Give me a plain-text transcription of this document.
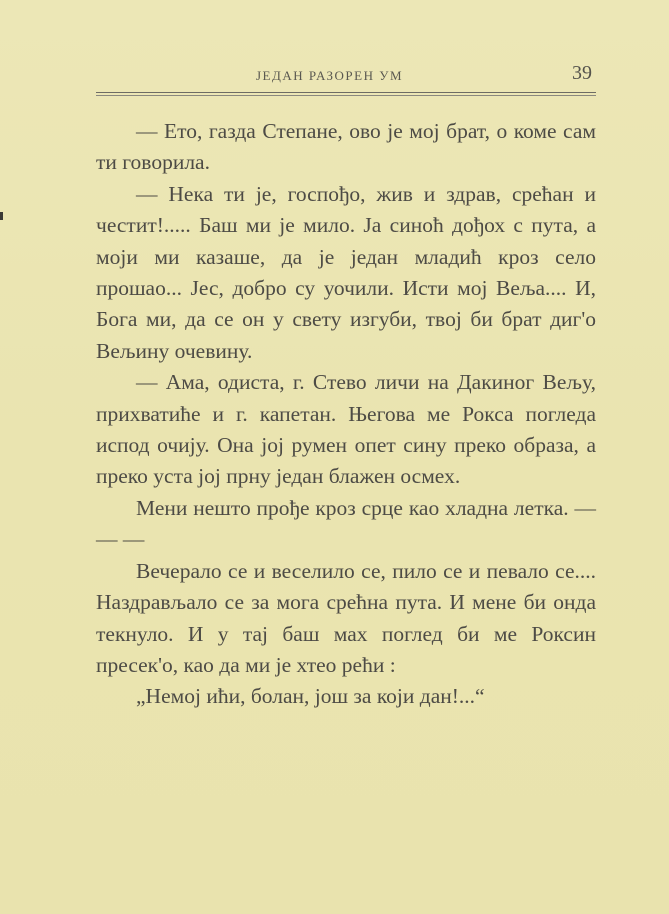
ЈЕДАН РАЗОРЕН УМ	39

— Ето, газда Степане, ово је мој брат, о коме сам ти говорила.

— Нека ти је, госпођо, жив и здрав, срећан и честит!..... Баш ми је мило. Ја синоћ дођох с пута, а моји ми казаше, да је један младић кроз село прошао... Јес, добро су уочили. Исти мој Веља.... И, Бога ми, да се он у свету изгуби, твој би брат диг'о Вељину очевину.

— Ама, одиста, г. Стево личи на Дакиног Вељу, прихватиће и г. капетан. Његова ме Рокса погледа испод очију. Она јој румен опет сину преко образа, а преко уста јој прну један блажен осмех.

Мени нешто прође кроз срце као хладна летка. — — —

Вечерало се и веселило се, пило се и певало се.... Наздрављало се за мога срећна пута. И мене би онда текнуло. И у тај баш мах поглед би ме Роксин пресек'о, као да ми је хтео рећи :

„Немој ићи, болан, још за који дан!...“
